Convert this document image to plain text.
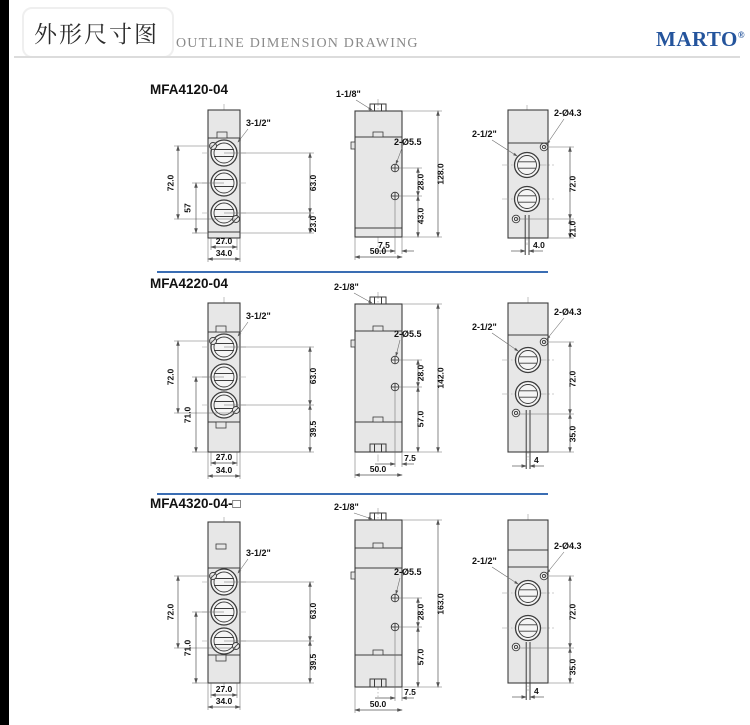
外形尺寸图 OUTLINE DIMENSION DRAWING	MARTO®
MFA4120-04
MFA4220-04
MFA4320-04-□
72.0
57
63.0
23.0
27.0
34.0
3-1/2"
1-1/8"
2-Ø5.5
128.0
28.0
43.0
7.5
50.0
2-Ø4.3
2-1/2"
72.0
21.0
4.0
72.0
71.0
63.0
39.5
27.0
34.0
3-1/2"
2-1/8"
2-Ø5.5
142.0
28.0
57.0
7.5
50.0
2-Ø4.3
2-1/2"
72.0
35.0
4
72.0
71.0
63.0
39.5
27.0
34.0
3-1/2"
2-1/8"
2-Ø5.5
163.0
28.0
57.0
7.5
50.0
2-Ø4.3
2-1/2"
72.0
35.0
4
